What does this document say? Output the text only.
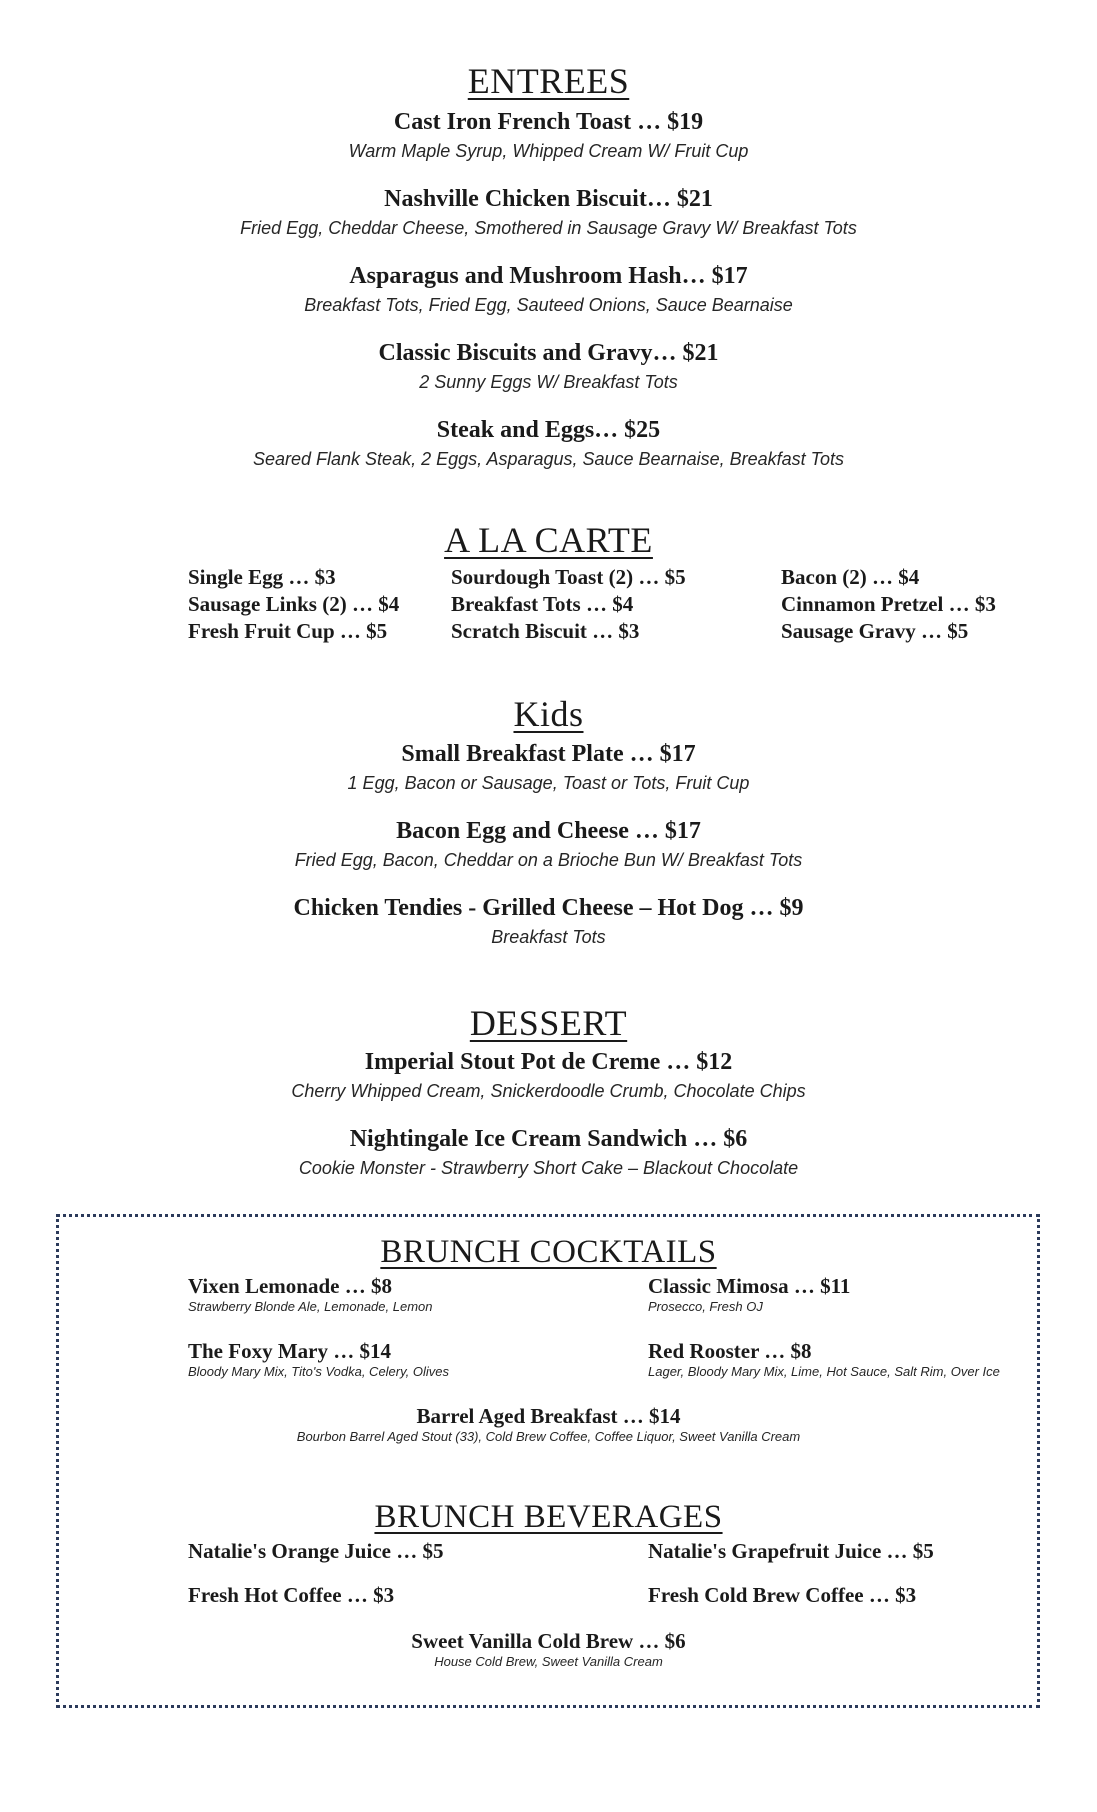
ENTREES
Cast Iron French Toast … $19
Warm Maple Syrup, Whipped Cream W/ Fruit Cup
Nashville Chicken Biscuit… $21
Fried Egg, Cheddar Cheese, Smothered in Sausage Gravy W/ Breakfast Tots
Asparagus and Mushroom Hash… $17
Breakfast Tots, Fried Egg, Sauteed Onions, Sauce Bearnaise
Classic Biscuits and Gravy… $21
2 Sunny Eggs W/ Breakfast Tots
Steak and Eggs… $25
Seared Flank Steak, 2 Eggs, Asparagus, Sauce Bearnaise, Breakfast Tots
A LA CARTE
Single Egg … $3
Sausage Links (2) … $4
Fresh Fruit Cup … $5
Sourdough Toast (2) … $5
Breakfast Tots … $4
Scratch Biscuit … $3
Bacon (2) … $4
Cinnamon Pretzel … $3
Sausage Gravy … $5
Kids
Small Breakfast Plate … $17
1 Egg, Bacon or Sausage, Toast or Tots, Fruit Cup
Bacon Egg and Cheese … $17
Fried Egg, Bacon, Cheddar on a Brioche Bun W/ Breakfast Tots
Chicken Tendies - Grilled Cheese – Hot Dog … $9
Breakfast Tots
DESSERT
Imperial Stout Pot de Creme … $12
Cherry Whipped Cream, Snickerdoodle Crumb, Chocolate Chips
Nightingale Ice Cream Sandwich … $6
Cookie Monster - Strawberry Short Cake – Blackout Chocolate
BRUNCH COCKTAILS
Vixen Lemonade … $8
Strawberry Blonde Ale, Lemonade, Lemon
The Foxy Mary … $14
Bloody Mary Mix, Tito's Vodka, Celery, Olives
Classic Mimosa … $11
Prosecco, Fresh OJ
Red Rooster … $8
Lager, Bloody Mary Mix, Lime, Hot Sauce, Salt Rim, Over Ice
Barrel Aged Breakfast … $14
Bourbon Barrel Aged Stout (33), Cold Brew Coffee, Coffee Liquor, Sweet Vanilla Cream
BRUNCH BEVERAGES
Natalie's Orange Juice … $5
Fresh Hot Coffee … $3
Natalie's Grapefruit Juice … $5
Fresh Cold Brew Coffee … $3
Sweet Vanilla Cold Brew … $6
House Cold Brew, Sweet Vanilla Cream
